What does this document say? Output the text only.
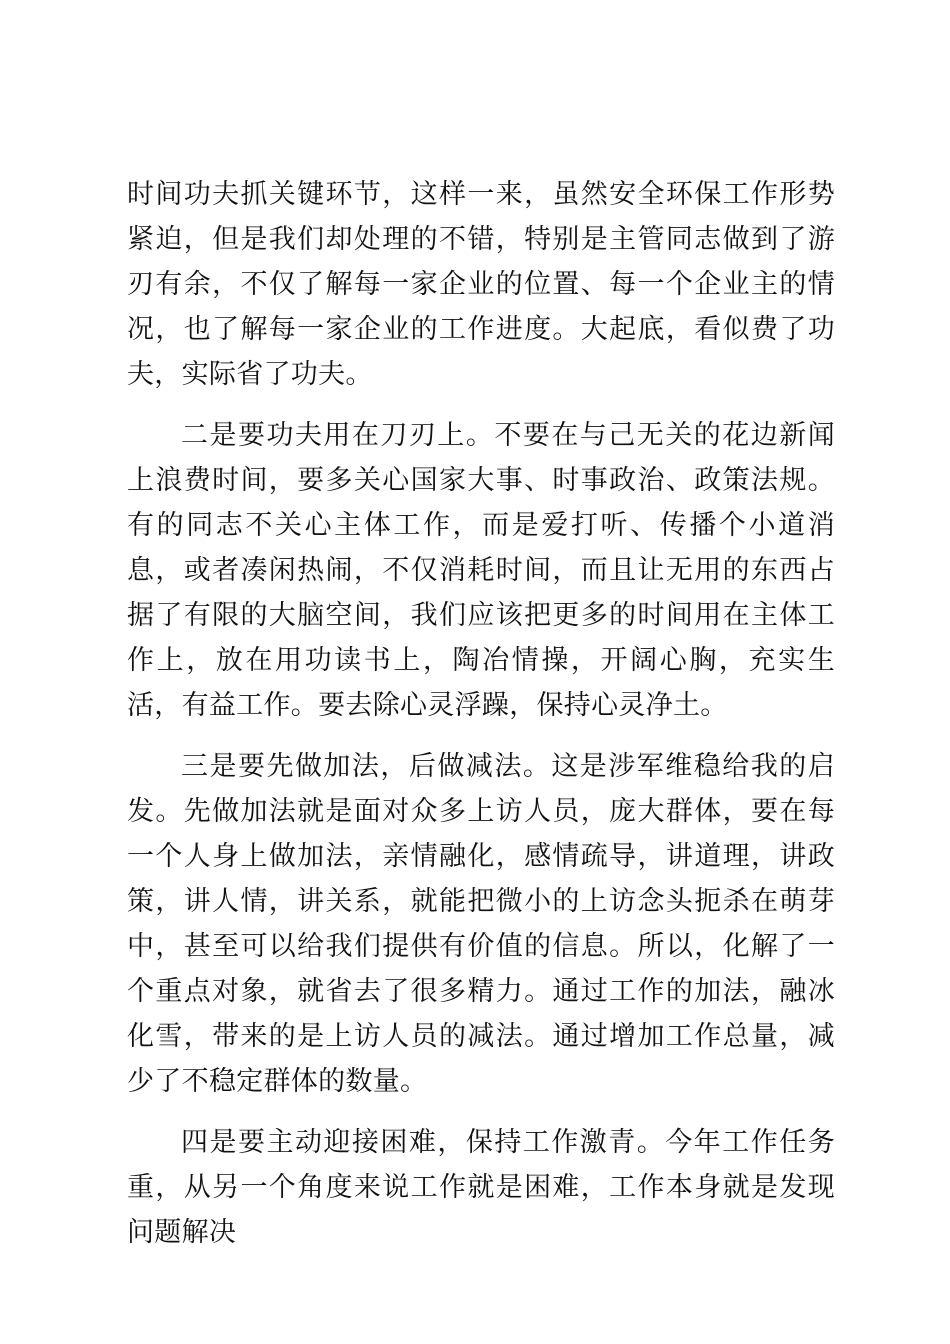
时间功夫抓关键环节，这样一来，虽然安全环保工作形势紧迫，但是我们却处理的不错，特别是主管同志做到了游刃有余，不仅了解每一家企业的位置、每一个企业主的情况，也了解每一家企业的工作进度。大起底，看似费了功夫，实际省了功夫。

二是要功夫用在刀刃上。不要在与己无关的花边新闻上浪费时间，要多关心国家大事、时事政治、政策法规。有的同志不关心主体工作，而是爱打听、传播个小道消息，或者凑闲热闹，不仅消耗时间，而且让无用的东西占据了有限的大脑空间，我们应该把更多的时间用在主体工作上，放在用功读书上，陶冶情操，开阔心胸，充实生活，有益工作。要去除心灵浮躁，保持心灵净土。

三是要先做加法，后做减法。这是涉军维稳给我的启发。先做加法就是面对众多上访人员，庞大群体，要在每一个人身上做加法，亲情融化，感情疏导，讲道理，讲政策，讲人情，讲关系，就能把微小的上访念头扼杀在萌芽中，甚至可以给我们提供有价值的信息。所以，化解了一个重点对象，就省去了很多精力。通过工作的加法，融冰化雪，带来的是上访人员的减法。通过增加工作总量，减少了不稳定群体的数量。

四是要主动迎接困难，保持工作激青。今年工作任务重，从另一个角度来说工作就是困难，工作本身就是发现问题解决
